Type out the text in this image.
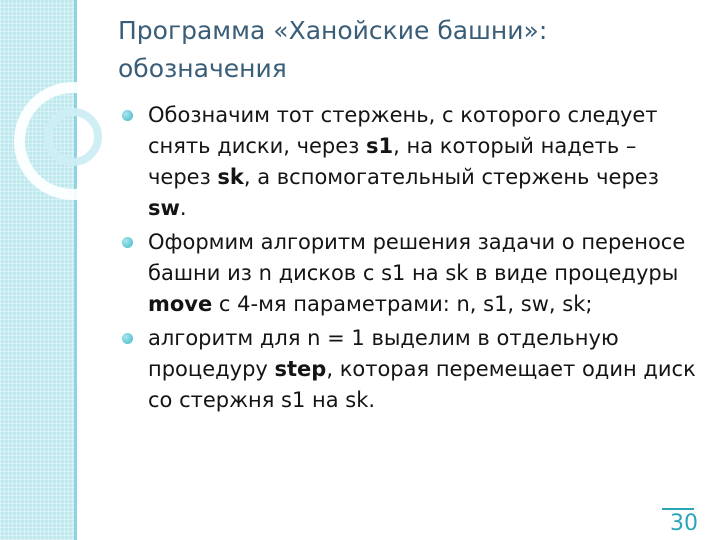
Программа «Ханойские башни»:
обозначения
Обозначим тот стержень, с которого следует снять диски, через s1, на который надеть – через sk, а вспомогательный стержень через sw.
Оформим алгоритм решения задачи о переносе башни из n дисков с s1 на sk в виде процедуры move с 4-мя параметрами: n, s1, sw, sk;
алгоритм для n = 1 выделим в отдельную процедуру step, которая перемещает один диск со стержня s1 на sk.
30
